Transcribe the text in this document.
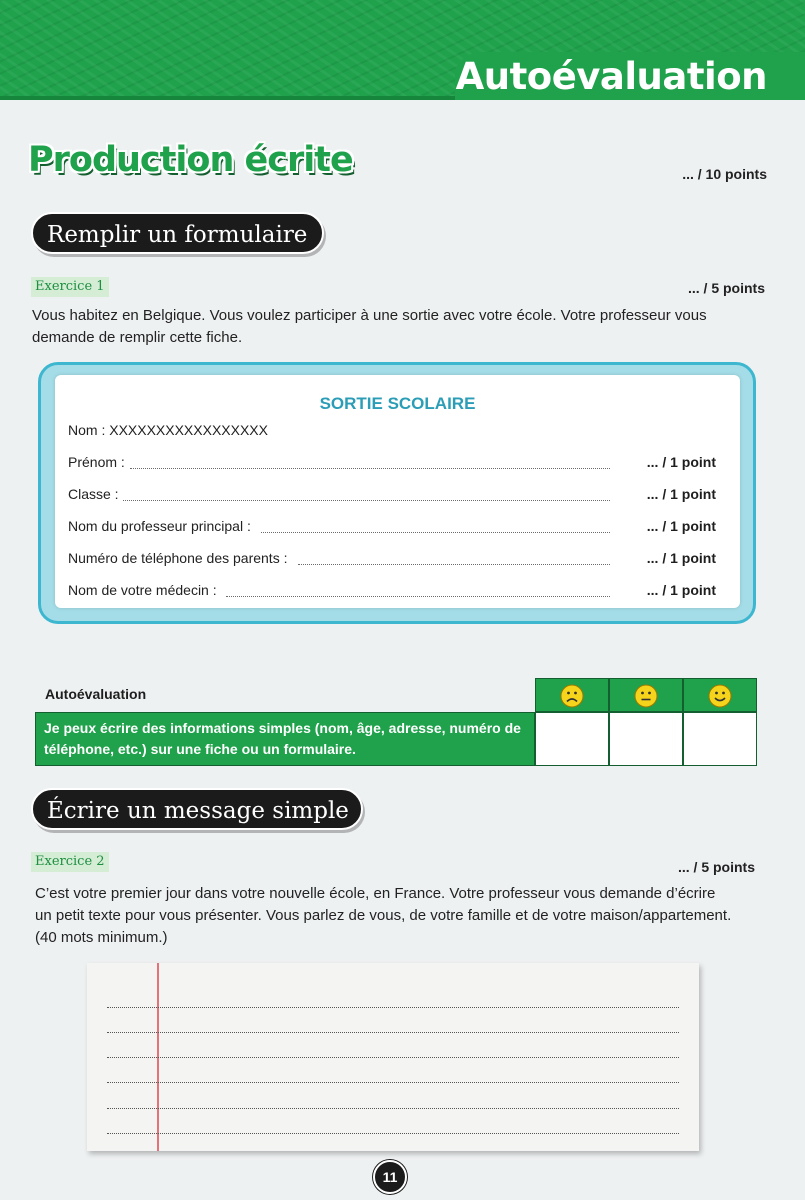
Autoévaluation
Production écrite	... / 10 points
Remplir un formulaire
Exercice 1	... / 5 points

Vous habitez en Belgique. Vous voulez participer à une sortie avec votre école. Votre professeur vous demande de remplir cette fiche.

SORTIE SCOLAIRE
Nom : XXXXXXXXXXXXXXXXX
Prénom :	... / 1 point
Classe :	... / 1 point
Nom du professeur principal :	... / 1 point
Numéro de téléphone des parents :	... / 1 point
Nom de votre médecin :	... / 1 point
Autoévaluation
Je peux écrire des informations simples (nom, âge, adresse, numéro de téléphone, etc.) sur une fiche ou un formulaire.
Écrire un message simple
Exercice 2	... / 5 points

C’est votre premier jour dans votre nouvelle école, en France. Votre professeur vous demande d’écrire
un petit texte pour vous présenter. Vous parlez de vous, de votre famille et de votre maison/appartement.
(40 mots minimum.)

11
